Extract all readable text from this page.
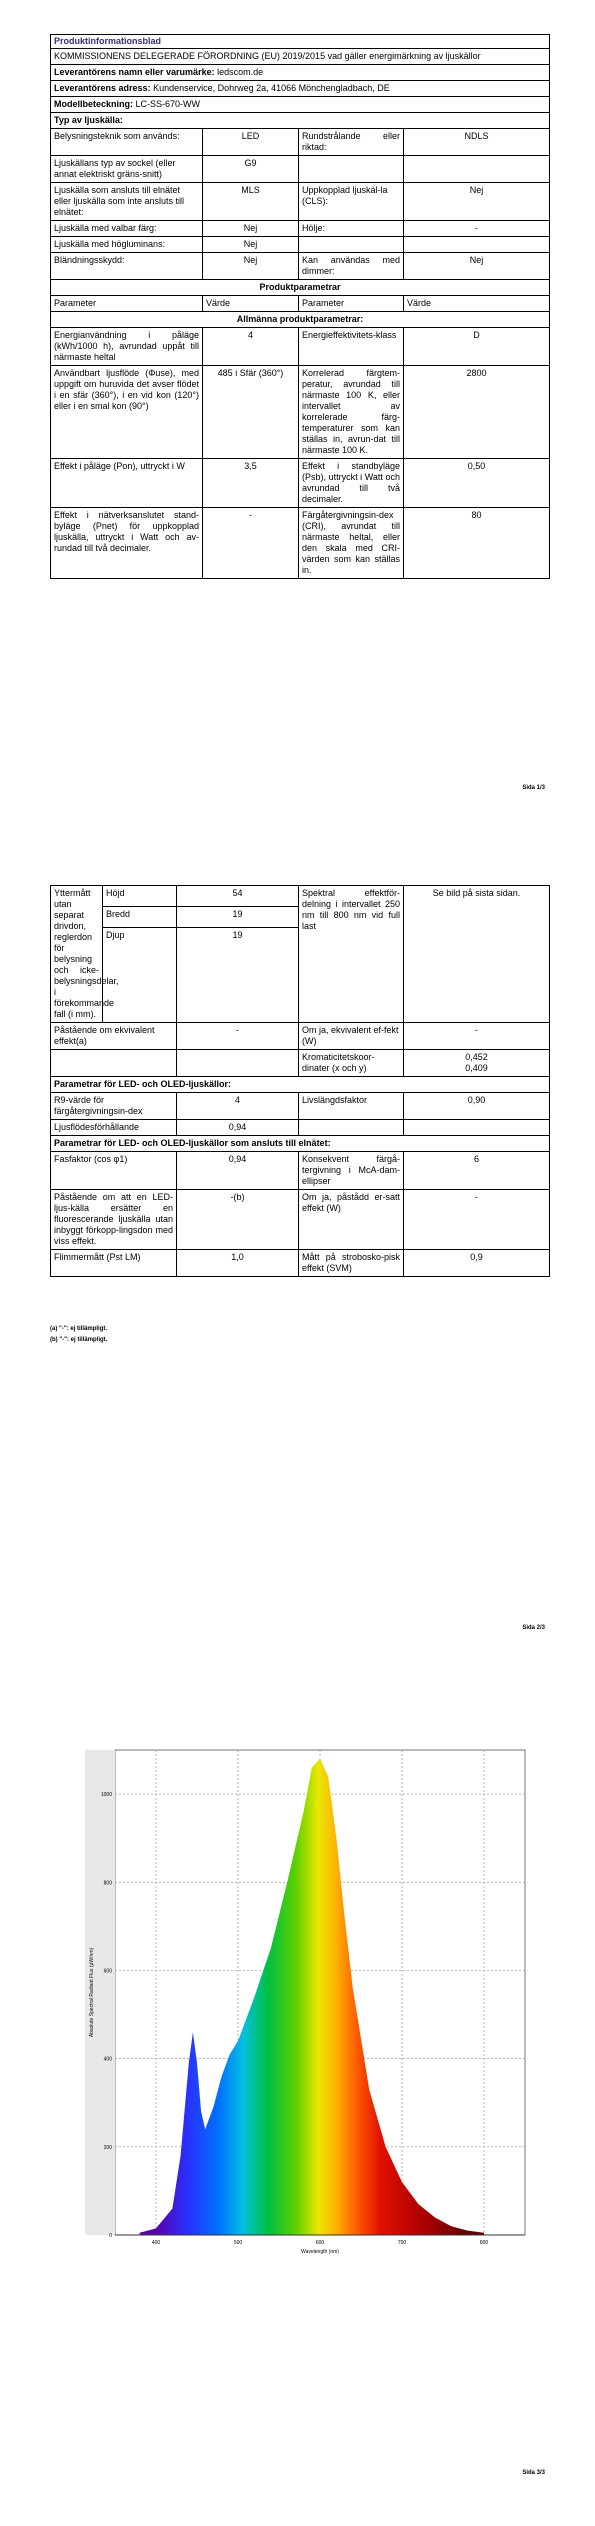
Produktinformationsblad			
KOMMISSIONENS DELEGERADE FÖRORDNING (EU) 2019/2015 vad gäller energimärkning av ljuskällor			
Leverantörens namn eller varumärke: ledscom.de			
Leverantörens adress: Kundenservice, Dohrweg 2a, 41066 Mönchengladbach, DE			
Modellbeteckning: LC-SS-670-WW			
Typ av ljuskälla:			
Belysningsteknik som används:	LED	Rundstrålande eller riktad:	NDLS
Ljuskällans typ av sockel (eller annat elektriskt gräns-snitt)	G9		
Ljuskälla som ansluts till elnätet eller ljuskälla som inte ansluts till elnätet:	MLS	Uppkopplad ljuskäl-la (CLS):	Nej
Ljuskälla med valbar färg:	Nej	Hölje:	-
Ljuskälla med högluminans:	Nej		
Bländningsskydd:	Nej	Kan användas med dimmer:	Nej
Produktparametrar			
Parameter	Värde	Parameter	Värde
Allmänna produktparametrar:			
Energianvändning i påläge (kWh/1000 h), avrundad uppåt till närmaste heltal	4	Energieffektivitets-klass	D
Användbart ljusflöde (Φuse), med uppgift om huruvida det avser flödet i en sfär (360°), i en vid kon (120°) eller i en smal kon (90°)	485 i Sfär (360°)	Korrelerad färgtem-peratur, avrundad till närmaste 100 K, eller intervallet av korrelerade färg-temperaturer som kan ställas in, avrun-dat till närmaste 100 K.	2800
Effekt i påläge (Pon), uttryckt i W	3,5	Effekt i standbyläge (Psb), uttryckt i Watt och avrundad till två decimaler.	0,50
Effekt i nätverksanslutet stand-byläge (Pnet) för uppkopplad ljuskälla, uttryckt i Watt och av-rundad till två decimaler.	-	Färgåtergivningsin-dex (CRI), avrundat till närmaste heltal, eller den skala med CRI-värden som kan ställas in.	80
Sida 1/3
Yttermått utan separat drivdon, reglerdon för belysning och icke-belysningsdelar, i förekommande fall (i mm).	Höjd	54	Spektral effektför-delning i intervallet 250 nm till 800 nm vid full last	Se bild på sista sidan.
	Bredd	19		
	Djup	19		
Påstående om ekvivalent effekt(a)		-	Om ja, ekvivalent ef-fekt (W)	-
			Kromaticitetskoor-dinater (x och y)	0,452
0,409

Parametrar för LED- och OLED-ljuskällor:				
R9-värde för färgåtergivningsin-dex		4	Livslängdsfaktor	0,90
Ljusflödesförhållande		0,94		
Parametrar för LED- och OLED-ljuskällor som ansluts till elnätet:				
Fasfaktor (cos φ1)		0,94	Konsekvent färgå-tergivning i McA-dam-ellipser	6
Påstående om att en LED-ljus-källa ersätter en fluorescerande ljuskälla utan inbyggt förkopp-lingsdon med viss effekt.		-(b)	Om ja, påstådd er-satt effekt (W)	-
Flimmermått (Pst LM)		1,0	Mått på strobosko-pisk effekt (SVM)	0,9
(a) "-": ej tillämpligt.
(b) "-": ej tillämpligt.
Sida 2/3
400	500	600	700	800
0
200
400
600
800
1000
Wavelength (nm)
Absolute Spectral Radiant Flux (µW/nm)
Sida 3/3
